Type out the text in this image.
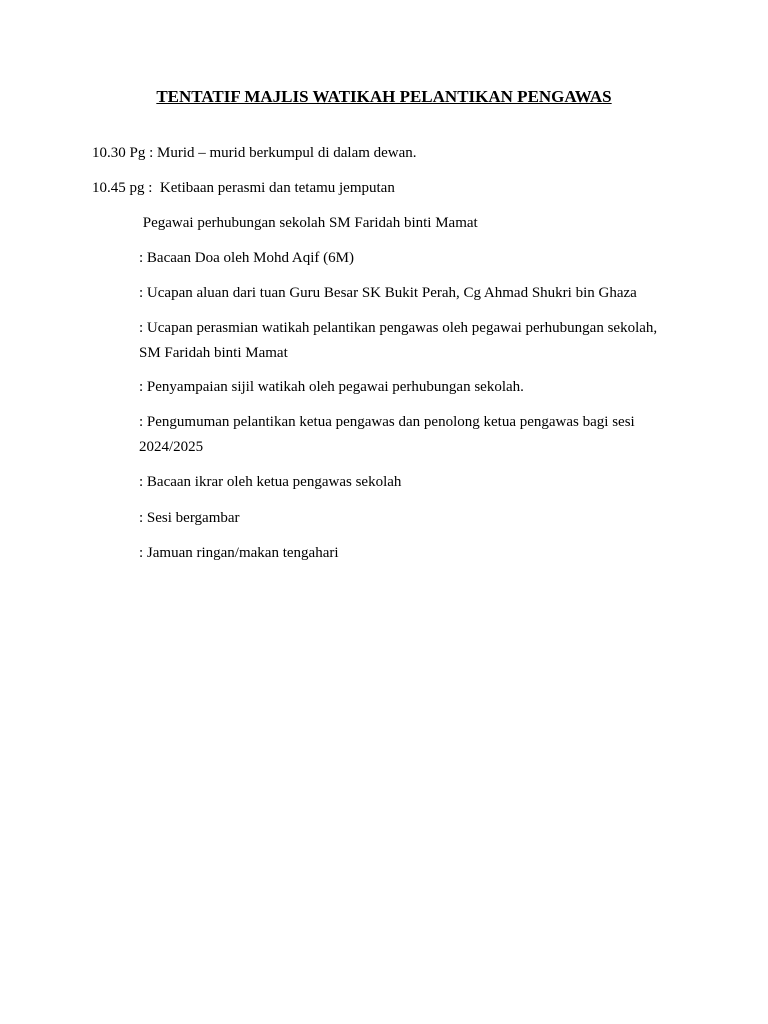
TENTATIF MAJLIS WATIKAH PELANTIKAN PENGAWAS
10.30 Pg : Murid – murid berkumpul di dalam dewan.
10.45 pg :  Ketibaan perasmi dan tetamu jemputan
Pegawai perhubungan sekolah SM Faridah binti Mamat
: Bacaan Doa oleh Mohd Aqif (6M)
: Ucapan aluan dari tuan Guru Besar SK Bukit Perah, Cg Ahmad Shukri bin Ghaza
: Ucapan perasmian watikah pelantikan pengawas oleh pegawai perhubungan sekolah,
SM Faridah binti Mamat
: Penyampaian sijil watikah oleh pegawai perhubungan sekolah.
: Pengumuman pelantikan ketua pengawas dan penolong ketua pengawas bagi sesi
2024/2025
: Bacaan ikrar oleh ketua pengawas sekolah
: Sesi bergambar
: Jamuan ringan/makan tengahari
